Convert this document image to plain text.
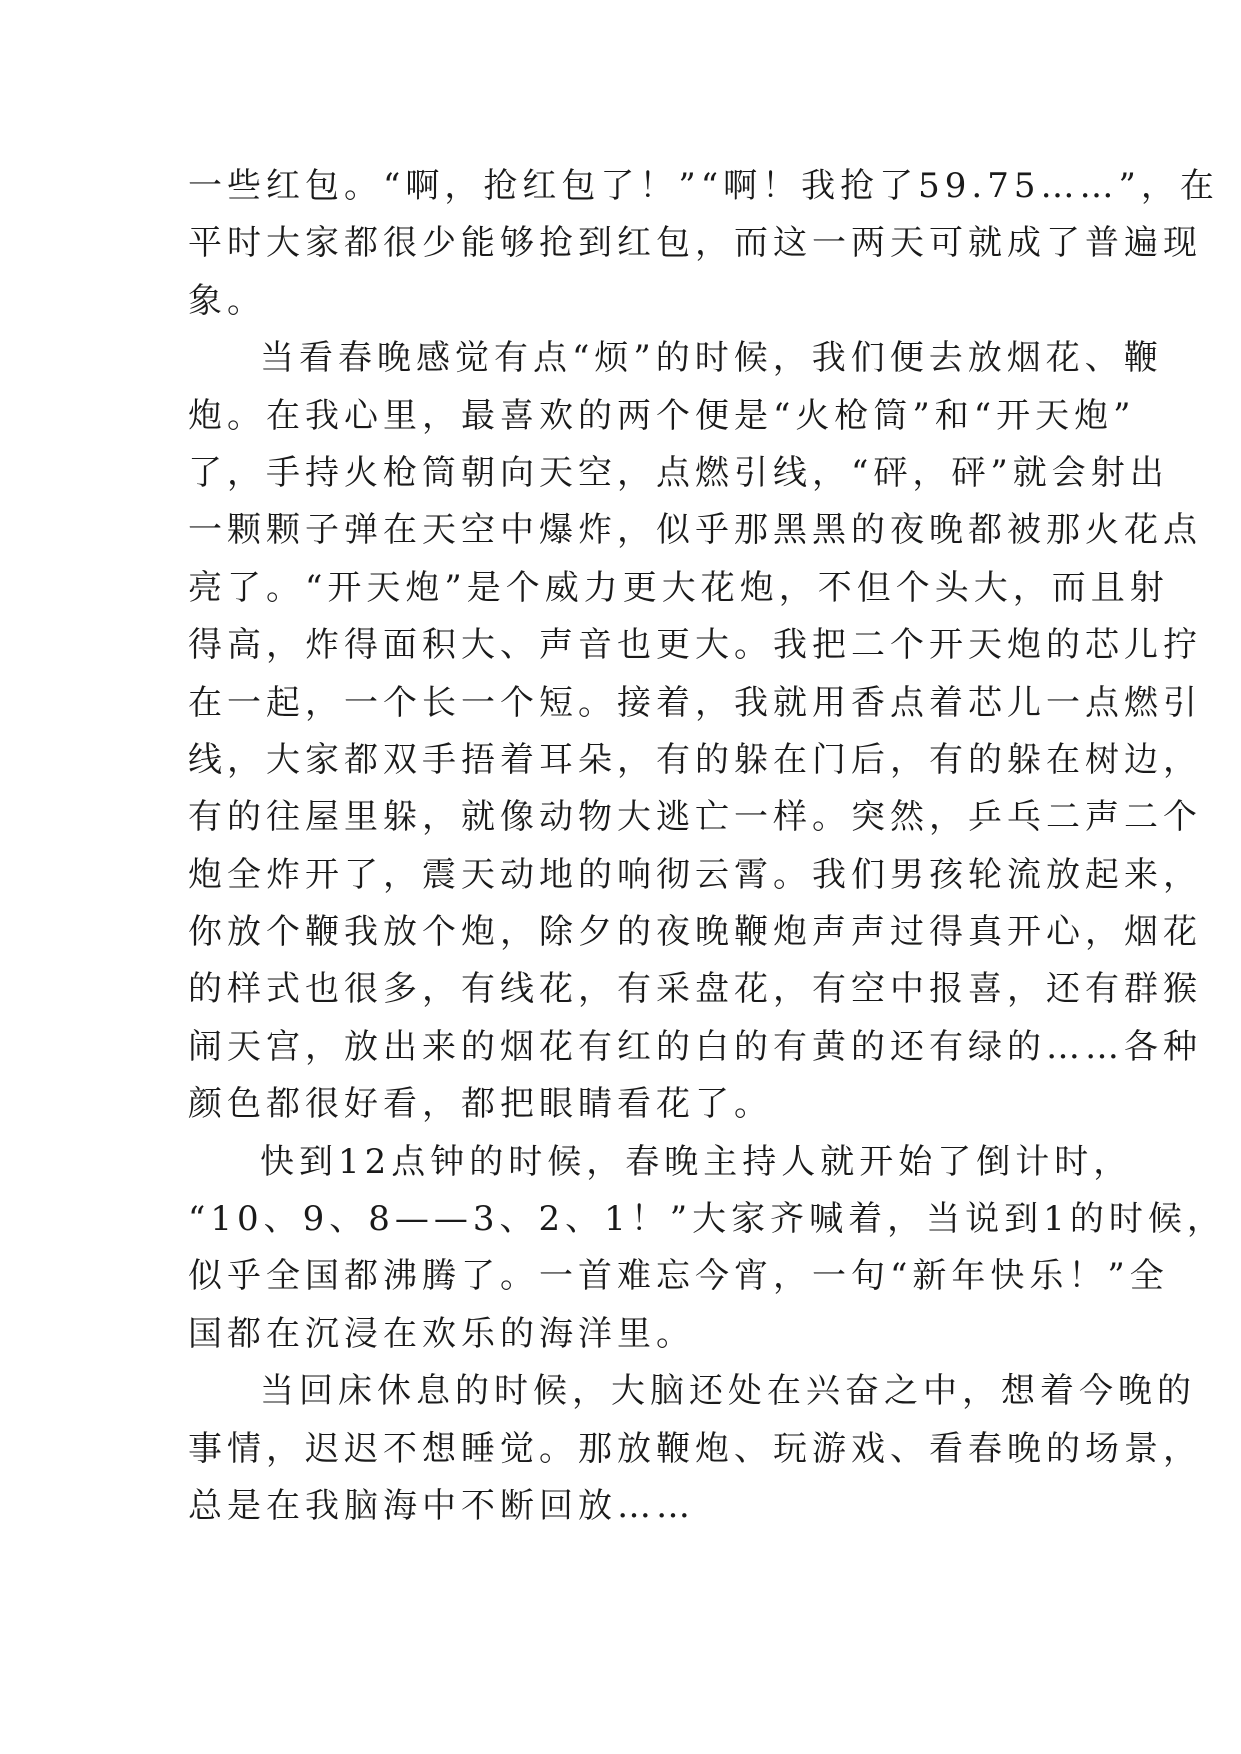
一些红包。“啊，抢红包了！”“啊！我抢了59.75……”，在
平时大家都很少能够抢到红包，而这一两天可就成了普遍现
象。
当看春晚感觉有点“烦”的时候，我们便去放烟花、鞭
炮。在我心里，最喜欢的两个便是“火枪筒”和“开天炮”
了，手持火枪筒朝向天空，点燃引线，“砰，砰”就会射出
一颗颗子弹在天空中爆炸，似乎那黑黑的夜晚都被那火花点
亮了。“开天炮”是个威力更大花炮，不但个头大，而且射
得高，炸得面积大、声音也更大。我把二个开天炮的芯儿拧
在一起，一个长一个短。接着，我就用香点着芯儿一点燃引
线，大家都双手捂着耳朵，有的躲在门后，有的躲在树边，
有的往屋里躲，就像动物大逃亡一样。突然，乒乓二声二个
炮全炸开了，震天动地的响彻云霄。我们男孩轮流放起来，
你放个鞭我放个炮，除夕的夜晚鞭炮声声过得真开心，烟花
的样式也很多，有线花，有采盘花，有空中报喜，还有群猴
闹天宫，放出来的烟花有红的白的有黄的还有绿的……各种
颜色都很好看，都把眼睛看花了。
快到12点钟的时候，春晚主持人就开始了倒计时，
“10、9、8——3、2、1！”大家齐喊着，当说到1的时候，
似乎全国都沸腾了。一首难忘今宵，一句“新年快乐！”全
国都在沉浸在欢乐的海洋里。
当回床休息的时候，大脑还处在兴奋之中，想着今晚的
事情，迟迟不想睡觉。那放鞭炮、玩游戏、看春晚的场景，
总是在我脑海中不断回放……
